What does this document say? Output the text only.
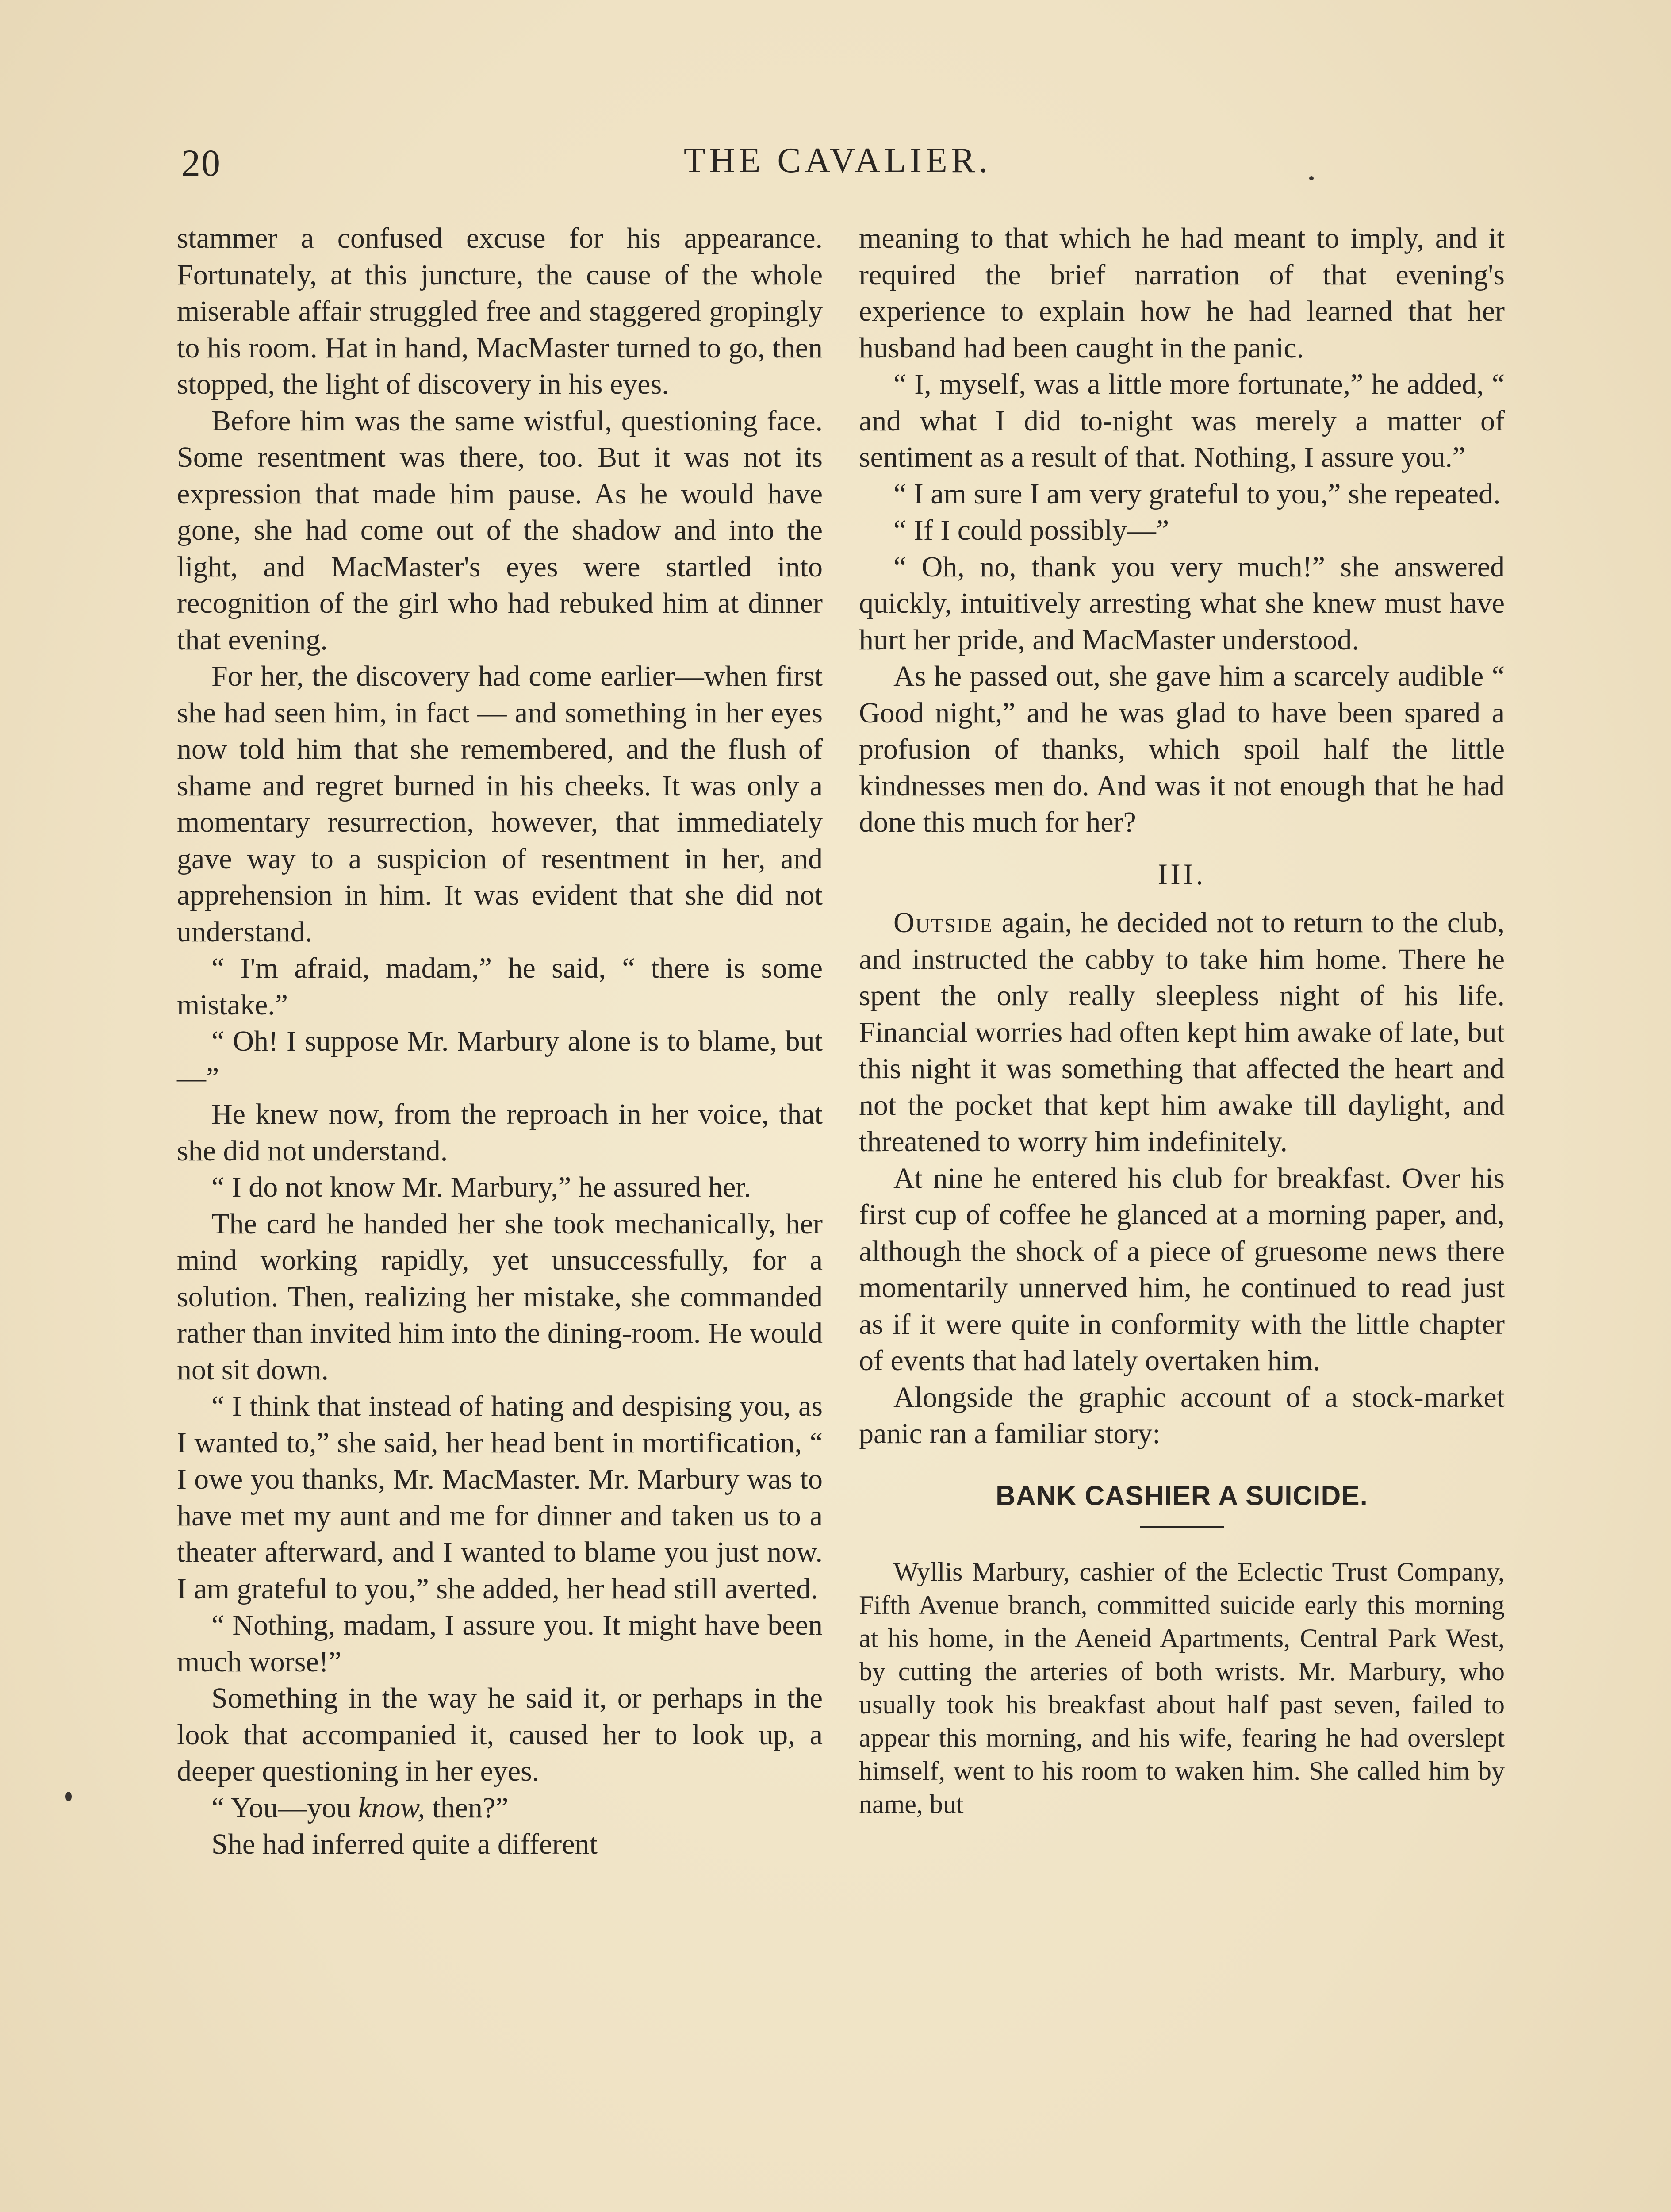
20	THE CAVALIER.

stammer a confused excuse for his appearance. Fortunately, at this juncture, the cause of the whole miserable affair struggled free and staggered gropingly to his room. Hat in hand, MacMaster turned to go, then stopped, the light of discovery in his eyes.

Before him was the same wistful, questioning face. Some resentment was there, too. But it was not its expression that made him pause. As he would have gone, she had come out of the shadow and into the light, and MacMaster's eyes were startled into recognition of the girl who had rebuked him at dinner that evening.

For her, the discovery had come earlier—when first she had seen him, in fact — and something in her eyes now told him that she remembered, and the flush of shame and regret burned in his cheeks. It was only a momentary resurrection, however, that immediately gave way to a suspicion of resentment in her, and apprehension in him. It was evident that she did not understand.

“ I'm afraid, madam,” he said, “ there is some mistake.”

“ Oh! I suppose Mr. Marbury alone is to blame, but—”

He knew now, from the reproach in her voice, that she did not understand.

“ I do not know Mr. Marbury,” he assured her.

The card he handed her she took mechanically, her mind working rapidly, yet unsuccessfully, for a solution. Then, realizing her mistake, she commanded rather than invited him into the dining-room. He would not sit down.

“ I think that instead of hating and despising you, as I wanted to,” she said, her head bent in mortification, “ I owe you thanks, Mr. MacMaster. Mr. Marbury was to have met my aunt and me for dinner and taken us to a theater afterward, and I wanted to blame you just now. I am grateful to you,” she added, her head still averted.

“ Nothing, madam, I assure you. It might have been much worse!”

Something in the way he said it, or perhaps in the look that accompanied it, caused her to look up, a deeper questioning in her eyes.

“ You—you know, then?”

She had inferred quite a different

meaning to that which he had meant to imply, and it required the brief narration of that evening's experience to explain how he had learned that her husband had been caught in the panic.

“ I, myself, was a little more fortunate,” he added, “ and what I did to-night was merely a matter of sentiment as a result of that. Nothing, I assure you.”

“ I am sure I am very grateful to you,” she repeated.

“ If I could possibly—”

“ Oh, no, thank you very much!” she answered quickly, intuitively arresting what she knew must have hurt her pride, and MacMaster understood.

As he passed out, she gave him a scarcely audible “ Good night,” and he was glad to have been spared a profusion of thanks, which spoil half the little kindnesses men do. And was it not enough that he had done this much for her?

III.

Outside again, he decided not to return to the club, and instructed the cabby to take him home. There he spent the only really sleepless night of his life. Financial worries had often kept him awake of late, but this night it was something that affected the heart and not the pocket that kept him awake till daylight, and threatened to worry him indefinitely.

At nine he entered his club for breakfast. Over his first cup of coffee he glanced at a morning paper, and, although the shock of a piece of gruesome news there momentarily unnerved him, he continued to read just as if it were quite in conformity with the little chapter of events that had lately overtaken him.

Alongside the graphic account of a stock-market panic ran a familiar story:

BANK CASHIER A SUICIDE.

Wyllis Marbury, cashier of the Eclectic Trust Company, Fifth Avenue branch, committed suicide early this morning at his home, in the Aeneid Apartments, Central Park West, by cutting the arteries of both wrists. Mr. Marbury, who usually took his breakfast about half past seven, failed to appear this morning, and his wife, fearing he had overslept himself, went to his room to waken him. She called him by name, but
